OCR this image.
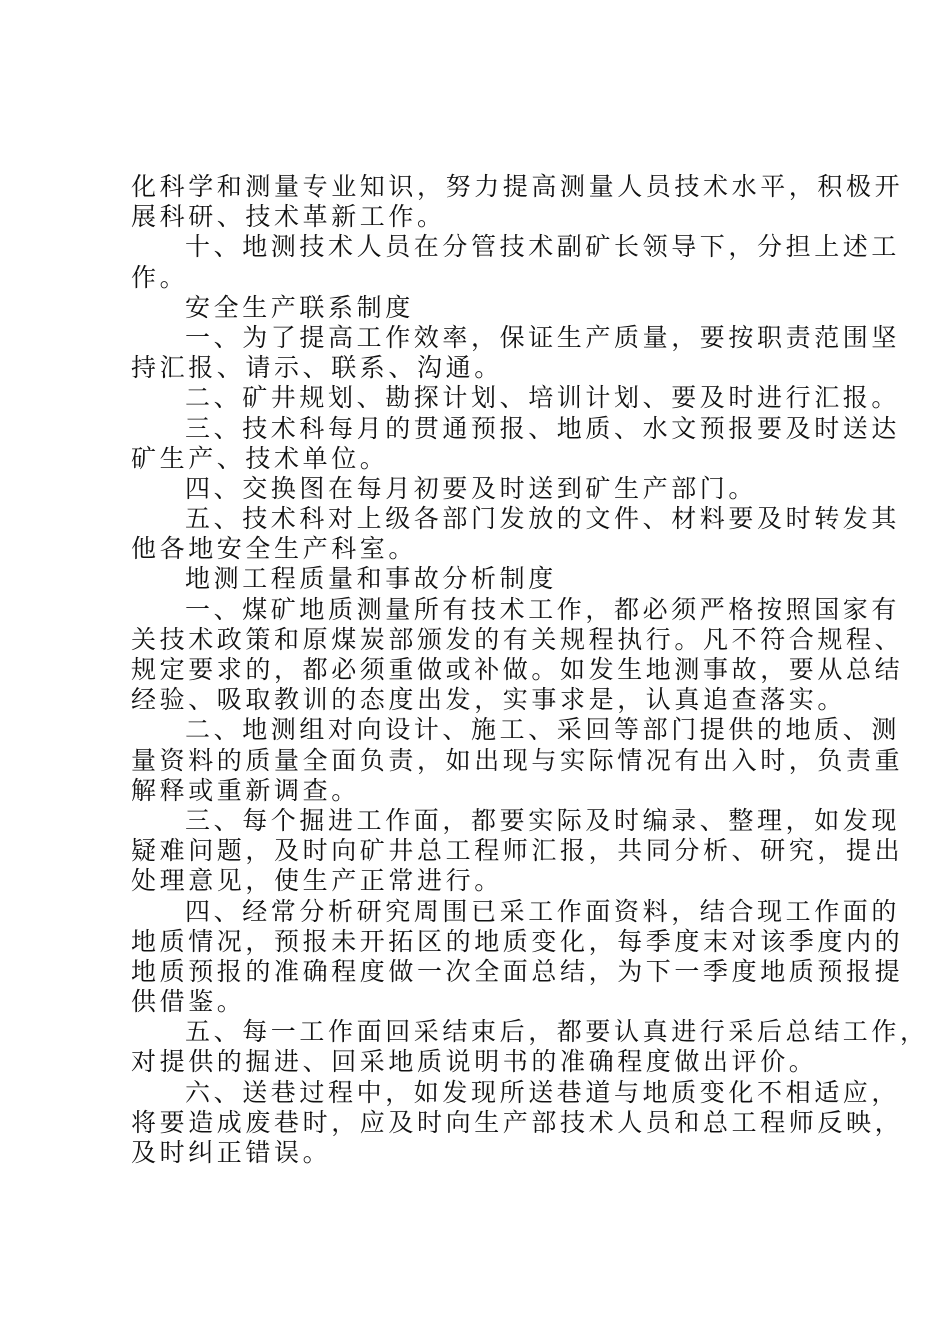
化科学和测量专业知识，努力提高测量人员技术水平，积极开
展科研、技术革新工作。
十、地测技术人员在分管技术副矿长领导下，分担上述工
作。
安全生产联系制度
一、为了提高工作效率，保证生产质量，要按职责范围坚
持汇报、请示、联系、沟通。
二、矿井规划、勘探计划、培训计划、要及时进行汇报。
三、技术科每月的贯通预报、地质、水文预报要及时送达
矿生产、技术单位。
四、交换图在每月初要及时送到矿生产部门。
五、技术科对上级各部门发放的文件、材料要及时转发其
他各地安全生产科室。
地测工程质量和事故分析制度
一、煤矿地质测量所有技术工作，都必须严格按照国家有
关技术政策和原煤炭部颁发的有关规程执行。凡不符合规程、
规定要求的，都必须重做或补做。如发生地测事故，要从总结
经验、吸取教训的态度出发，实事求是，认真追查落实。
二、地测组对向设计、施工、采回等部门提供的地质、测
量资料的质量全面负责，如出现与实际情况有出入时，负责重
解释或重新调查。
三、每个掘进工作面，都要实际及时编录、整理，如发现
疑难问题，及时向矿井总工程师汇报，共同分析、研究，提出
处理意见，使生产正常进行。
四、经常分析研究周围已采工作面资料，结合现工作面的
地质情况，预报未开拓区的地质变化，每季度末对该季度内的
地质预报的准确程度做一次全面总结，为下一季度地质预报提
供借鉴。
五、每一工作面回采结束后，都要认真进行采后总结工作，
对提供的掘进、回采地质说明书的准确程度做出评价。
六、送巷过程中，如发现所送巷道与地质变化不相适应，
将要造成废巷时，应及时向生产部技术人员和总工程师反映，
及时纠正错误。
